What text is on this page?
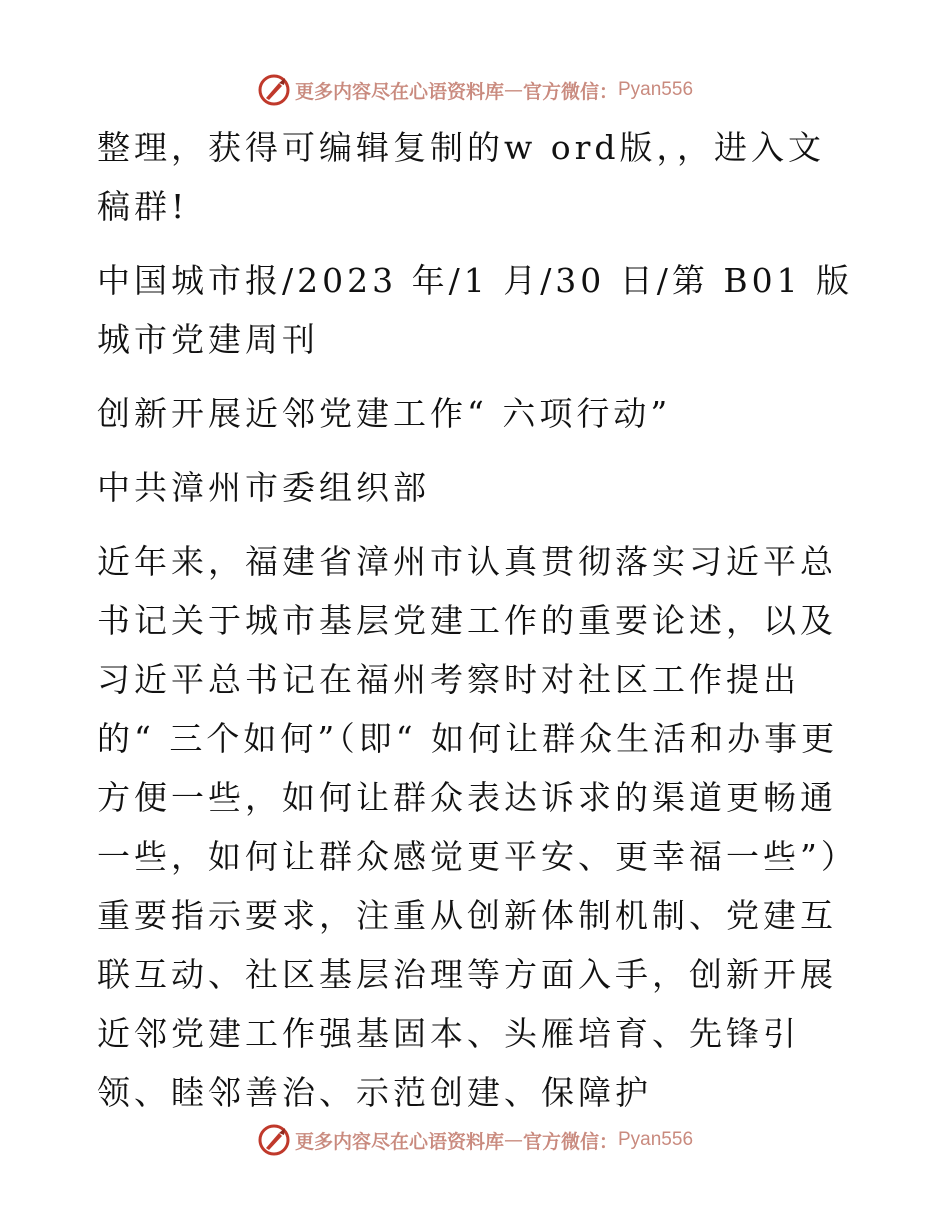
更多内容尽在心语资料库 — 官方微信： Pyan556

整理，获得可编辑复制的w ord版，，进入文稿群!

中国城市报/2023 年/1 月/30 日/第 B01 版城市党建周刊

创新开展近邻党建工作“ 六项行动”

中共漳州市委组织部

近年来，福建省漳州市认真贯彻落实习近平总书记关于城市基层党建工作的重要论述，以及习近平总书记在福州考察时对社区工作提出的“ 三个如何”（即“ 如何让群众生活和办事更方便一些，如何让群众表达诉求的渠道更畅通一些，如何让群众感觉更平安、更幸福一些”）重要指示要求，注重从创新体制机制、党建互联互动、社区基层治理等方面入手，创新开展近邻党建工作强基固本、头雁培育、先锋引领、睦邻善治、示范创建、保障护

更多内容尽在心语资料库 — 官方微信： Pyan556
